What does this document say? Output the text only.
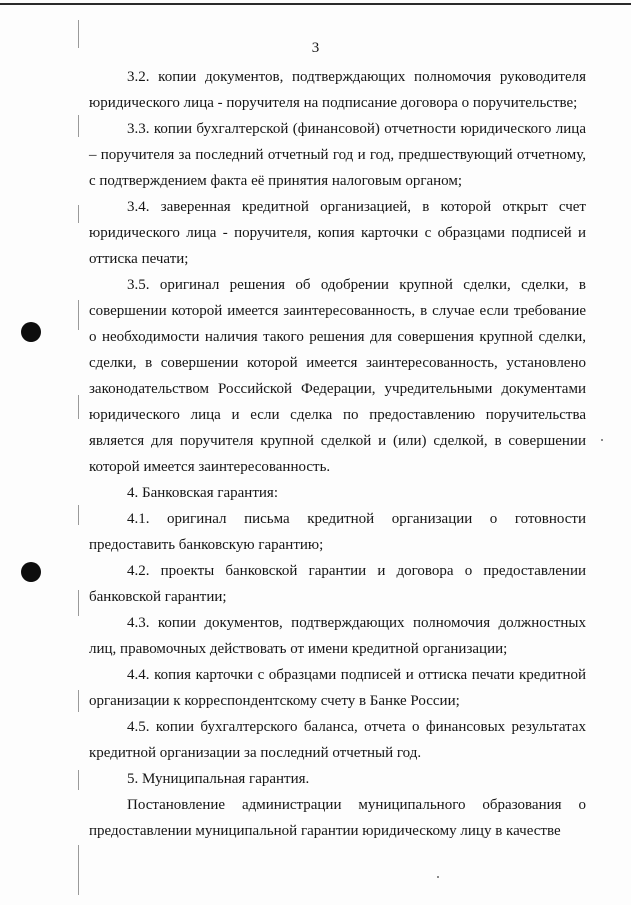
3

3.2. копии документов, подтверждающих полномочия руководителя юридического лица - поручителя на подписание договора о поручительстве;

3.3. копии бухгалтерской (финансовой) отчетности юридического лица – поручителя за последний отчетный год и год, предшествующий отчетному, с подтверждением факта её принятия налоговым органом;

3.4. заверенная кредитной организацией, в которой открыт счет юридического лица - поручителя, копия карточки с образцами подписей и оттиска печати;

3.5. оригинал решения об одобрении крупной сделки, сделки, в совершении которой имеется заинтересованность, в случае если требование о необходимости наличия такого решения для совершения крупной сделки, сделки, в совершении которой имеется заинтересованность, установлено законодательством Российской Федерации, учредительными документами юридического лица и если сделка по предоставлению поручительства является для поручителя крупной сделкой и (или) сделкой, в совершении которой имеется заинтересованность.

4. Банковская гарантия:

4.1. оригинал письма кредитной организации о готовности предоставить банковскую гарантию;

4.2. проекты банковской гарантии и договора о предоставлении банковской гарантии;

4.3. копии документов, подтверждающих полномочия должностных лиц, правомочных действовать от имени кредитной организации;

4.4. копия карточки с образцами подписей и оттиска печати кредитной организации к корреспондентскому счету в Банке России;

4.5. копии бухгалтерского баланса, отчета о финансовых результатах кредитной организации за последний отчетный год.

5. Муниципальная гарантия.

Постановление администрации муниципального образования о предоставлении муниципальной гарантии юридическому лицу в качестве
